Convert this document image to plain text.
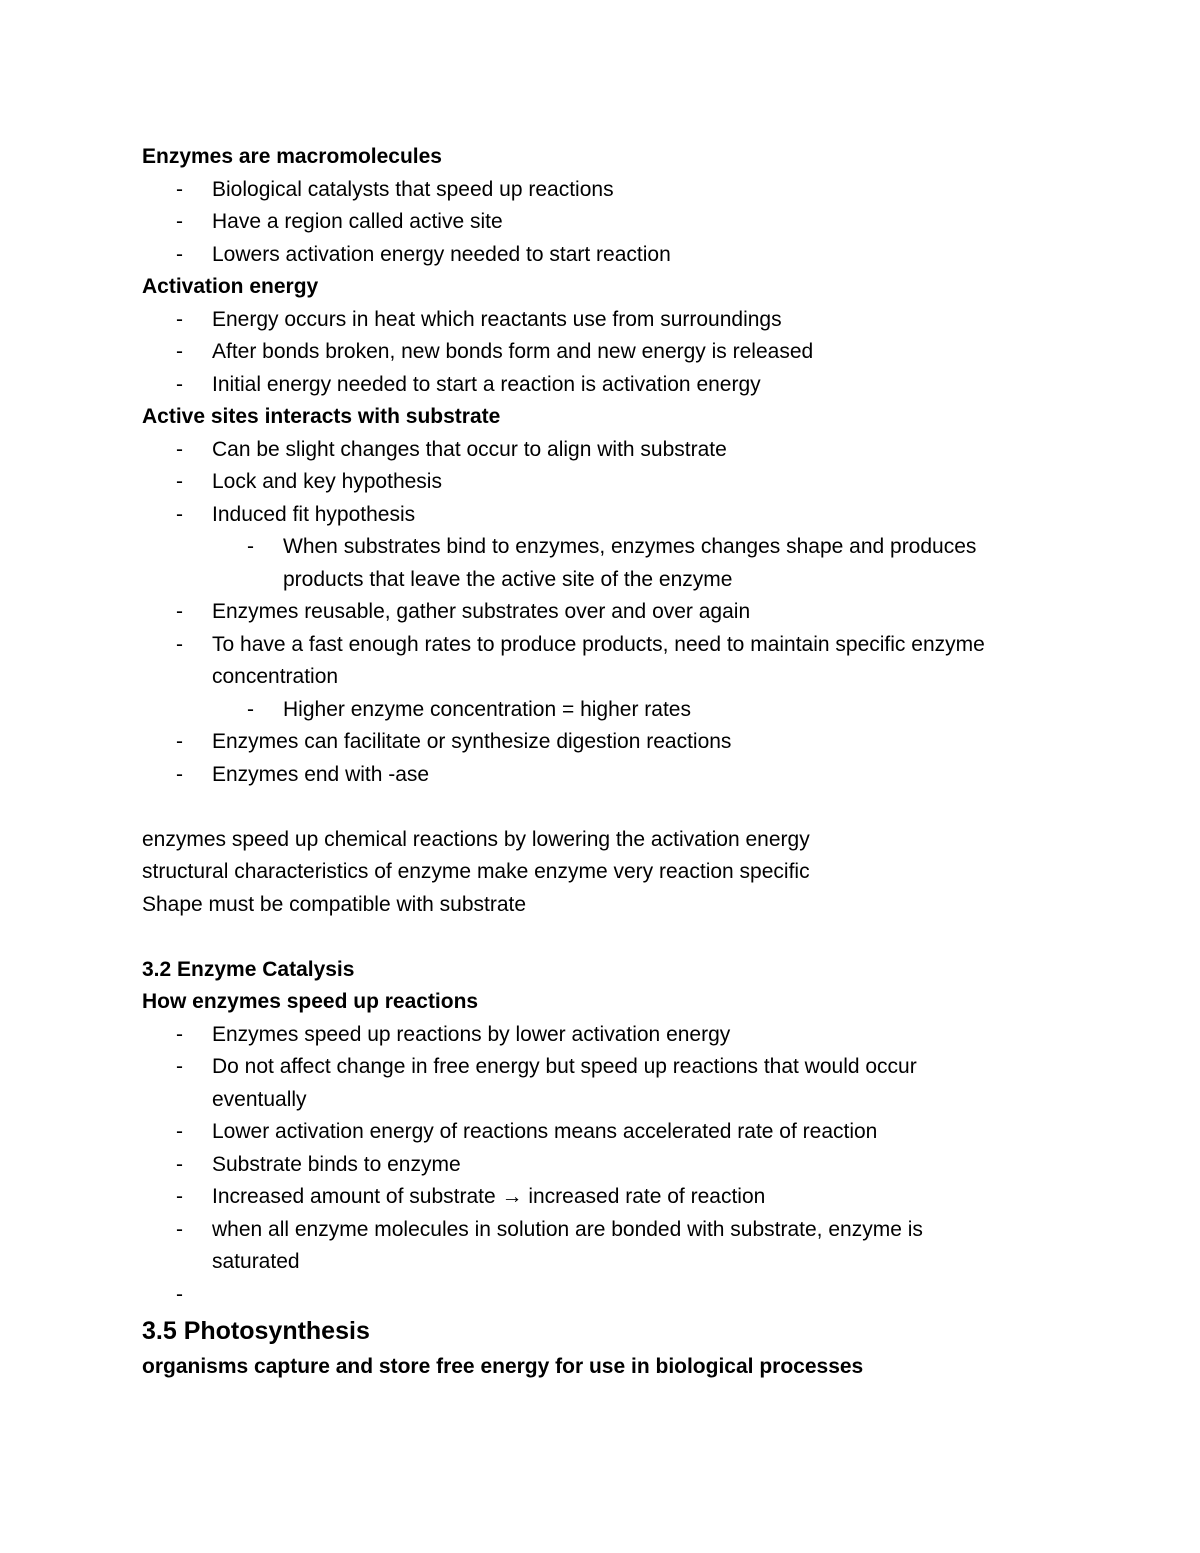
Enzymes are macromolecules
- Biological catalysts that speed up reactions
- Have a region called active site
- Lowers activation energy needed to start reaction
Activation energy
- Energy occurs in heat which reactants use from surroundings
- After bonds broken, new bonds form and new energy is released
- Initial energy needed to start a reaction is activation energy
Active sites interacts with substrate
- Can be slight changes that occur to align with substrate
- Lock and key hypothesis
- Induced fit hypothesis
- When substrates bind to enzymes, enzymes changes shape and produces
products that leave the active site of the enzyme
- Enzymes reusable, gather substrates over and over again
- To have a fast enough rates to produce products, need to maintain specific enzyme
concentration
- Higher enzyme concentration = higher rates
- Enzymes can facilitate or synthesize digestion reactions
- Enzymes end with -ase
enzymes speed up chemical reactions by lowering the activation energy
structural characteristics of enzyme make enzyme very reaction specific
Shape must be compatible with substrate
3.2 Enzyme Catalysis
How enzymes speed up reactions
- Enzymes speed up reactions by lower activation energy
- Do not affect change in free energy but speed up reactions that would occur
eventually
- Lower activation energy of reactions means accelerated rate of reaction
- Substrate binds to enzyme
- Increased amount of substrate → increased rate of reaction
- when all enzyme molecules in solution are bonded with substrate, enzyme is
saturated
-
3.5 Photosynthesis
organisms capture and store free energy for use in biological processes
